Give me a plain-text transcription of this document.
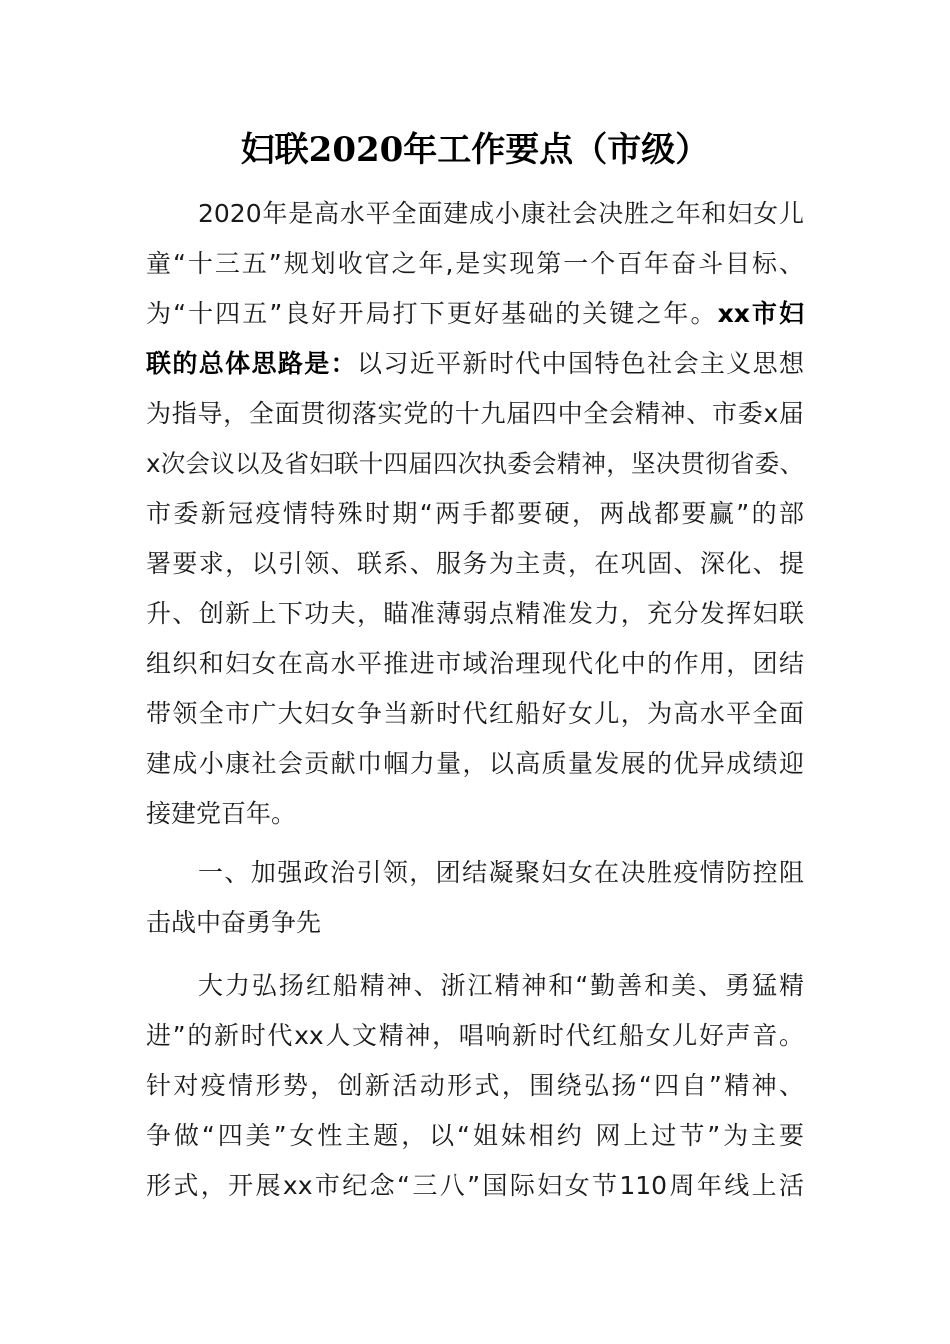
妇联2020年工作要点（市级）
2020年是高水平全面建成小康社会决胜之年和妇女儿
童“十三五”规划收官之年,是实现第一个百年奋斗目标、
为“十四五”良好开局打下更好基础的关键之年。xx市妇
联的总体思路是：以习近平新时代中国特色社会主义思想
为指导，全面贯彻落实党的十九届四中全会精神、市委x届
x次会议以及省妇联十四届四次执委会精神，坚决贯彻省委、
市委新冠疫情特殊时期“两手都要硬，两战都要赢”的部
署要求，以引领、联系、服务为主责，在巩固、深化、提
升、创新上下功夫，瞄准薄弱点精准发力，充分发挥妇联
组织和妇女在高水平推进市域治理现代化中的作用，团结
带领全市广大妇女争当新时代红船好女儿，为高水平全面
建成小康社会贡献巾帼力量，以高质量发展的优异成绩迎
接建党百年。
一、加强政治引领，团结凝聚妇女在决胜疫情防控阻
击战中奋勇争先
大力弘扬红船精神、浙江精神和“勤善和美、勇猛精
进”的新时代xx人文精神，唱响新时代红船女儿好声音。
针对疫情形势，创新活动形式，围绕弘扬“四自”精神、
争做“四美”女性主题，以“姐妹相约 网上过节”为主要
形式，开展xx市纪念“三八”国际妇女节110周年线上活
